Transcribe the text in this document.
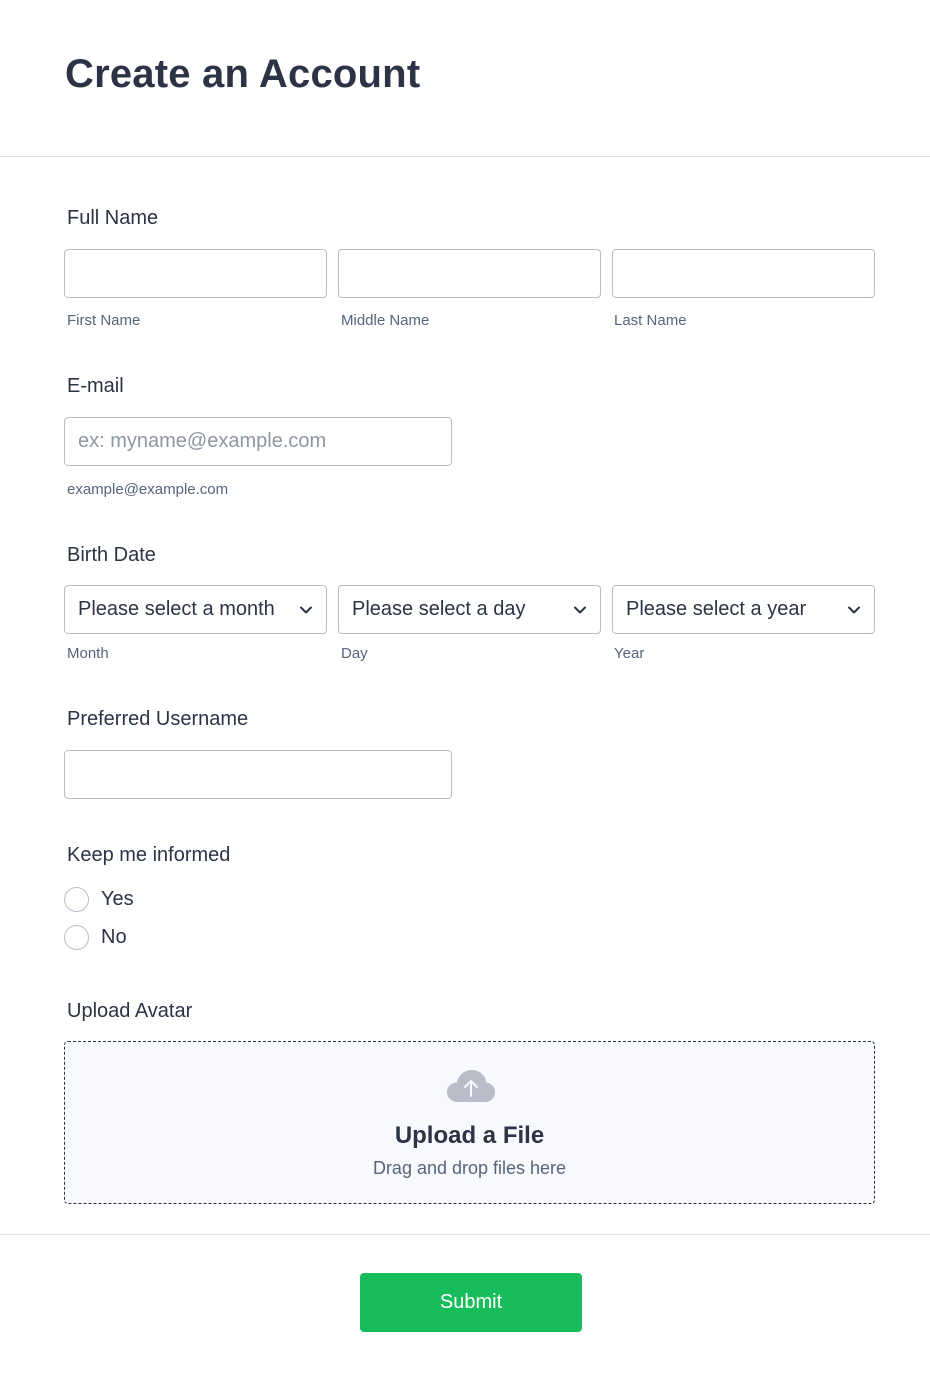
Create an Account
Full Name
First Name	Middle Name	Last Name
E-mail
ex: myname@example.com
example@example.com
Birth Date
Please select a month	Please select a day	Please select a year
Month	Day	Year
Preferred Username
Keep me informed
Yes
No
Upload Avatar
Upload a File
Drag and drop files here
Submit
